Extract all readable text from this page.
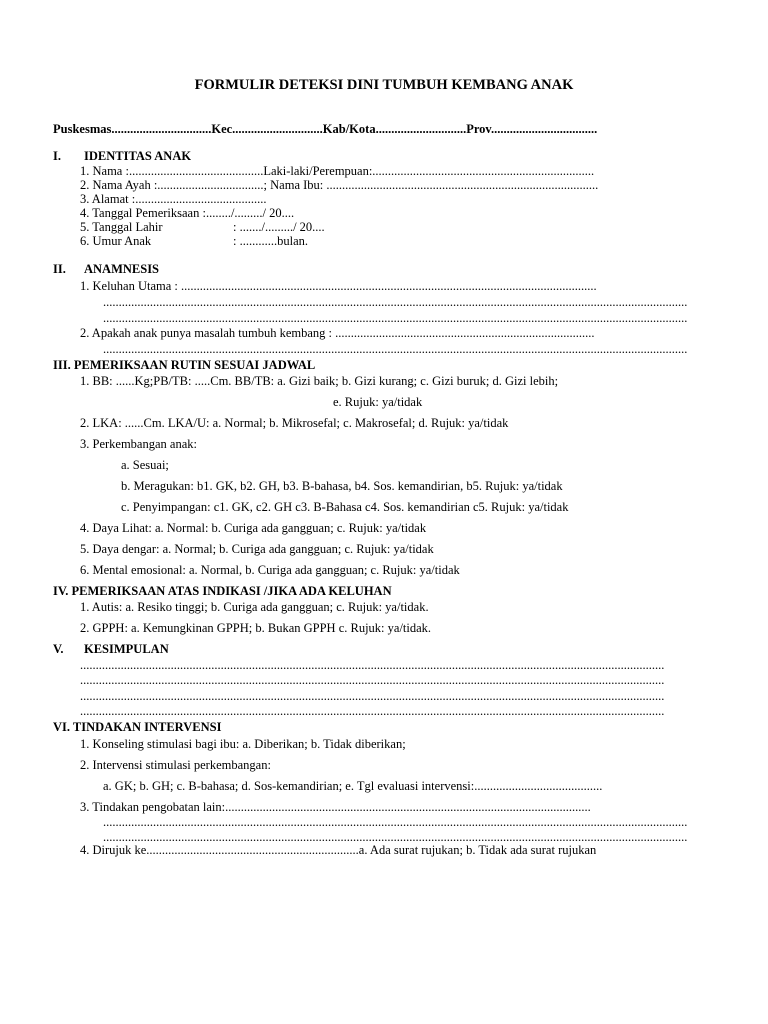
FORMULIR DETEKSI DINI TUMBUH KEMBANG ANAK
Puskesmas................................Kec.............................Kab/Kota.............................Prov..................................
I. IDENTITAS ANAK
1. Nama :...........................................Laki-laki/Perempuan:.......................................................................
2. Nama Ayah :..................................; Nama Ibu: .......................................................................................
3. Alamat :..........................................
4. Tanggal Pemeriksaan :......../........./ 20....
5. Tanggal Lahir	: ......./........./ 20....
6. Umur Anak	: ............bulan.
II. ANAMNESIS
1. Keluhan Utama : .....................................................................................................................................
...........................................................................................................................................................................................
...........................................................................................................................................................................................
2. Apakah anak punya masalah tumbuh kembang : ...................................................................................
...........................................................................................................................................................................................
III. PEMERIKSAAN RUTIN SESUAI JADWAL
1. BB: ......Kg;PB/TB: .....Cm. BB/TB: a. Gizi baik; b. Gizi kurang; c. Gizi buruk; d. Gizi lebih;
e. Rujuk: ya/tidak
2. LKA: ......Cm. LKA/U: a. Normal; b. Mikrosefal; c. Makrosefal; d. Rujuk: ya/tidak
3. Perkembangan anak:
a. Sesuai;
b. Meragukan: b1. GK, b2. GH, b3. B-bahasa, b4. Sos. kemandirian, b5. Rujuk: ya/tidak
c. Penyimpangan: c1. GK, c2. GH c3. B-Bahasa c4. Sos. kemandirian c5. Rujuk: ya/tidak
4. Daya Lihat: a. Normal: b. Curiga ada gangguan; c. Rujuk: ya/tidak
5. Daya dengar: a. Normal; b. Curiga ada gangguan; c. Rujuk: ya/tidak
6. Mental emosional: a. Normal, b. Curiga ada gangguan; c. Rujuk: ya/tidak
IV. PEMERIKSAAN ATAS INDIKASI /JIKA ADA KELUHAN
1. Autis: a. Resiko tinggi; b. Curiga ada gangguan; c. Rujuk: ya/tidak.
2. GPPH: a. Kemungkinan GPPH; b. Bukan GPPH c. Rujuk: ya/tidak.
V. KESIMPULAN
...........................................................................................................................................................................................
...........................................................................................................................................................................................
...........................................................................................................................................................................................
...........................................................................................................................................................................................
VI. TINDAKAN INTERVENSI
1. Konseling stimulasi bagi ibu: a. Diberikan; b. Tidak diberikan;
2. Intervensi stimulasi perkembangan:
a. GK; b. GH; c. B-bahasa; d. Sos-kemandirian; e. Tgl evaluasi intervensi:.........................................
3. Tindakan pengobatan lain:.....................................................................................................................
...........................................................................................................................................................................................
...........................................................................................................................................................................................
4. Dirujuk ke....................................................................a. Ada surat rujukan; b. Tidak ada surat rujukan
